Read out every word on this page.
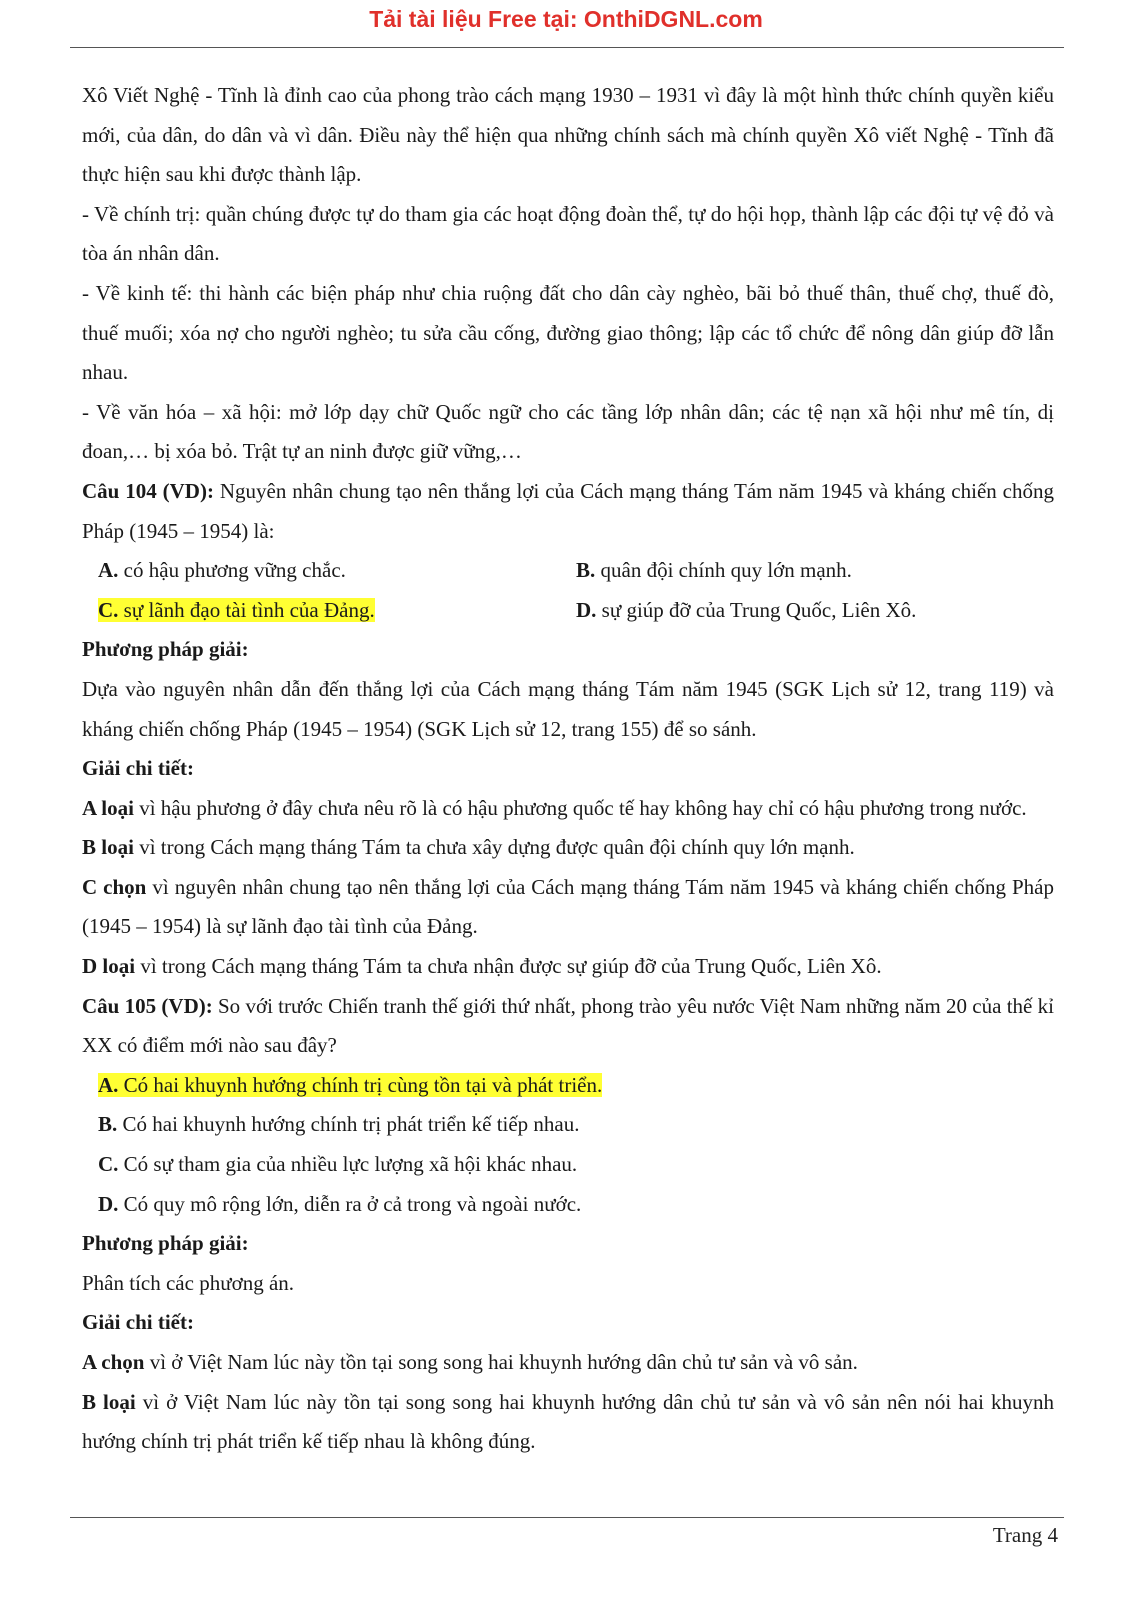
Tải tài liệu Free tại: OnthiDGNL.com

Xô Viết Nghệ - Tĩnh là đỉnh cao của phong trào cách mạng 1930 – 1931 vì đây là một hình thức chính quyền kiểu mới, của dân, do dân và vì dân. Điều này thể hiện qua những chính sách mà chính quyền Xô viết Nghệ - Tĩnh đã thực hiện sau khi được thành lập.

- Về chính trị: quần chúng được tự do tham gia các hoạt động đoàn thể, tự do hội họp, thành lập các đội tự vệ đỏ và tòa án nhân dân.

- Về kinh tế: thi hành các biện pháp như chia ruộng đất cho dân cày nghèo, bãi bỏ thuế thân, thuế chợ, thuế đò, thuế muối; xóa nợ cho người nghèo; tu sửa cầu cống, đường giao thông; lập các tổ chức để nông dân giúp đỡ lẫn nhau.

- Về văn hóa – xã hội: mở lớp dạy chữ Quốc ngữ cho các tầng lớp nhân dân; các tệ nạn xã hội như mê tín, dị đoan,… bị xóa bỏ. Trật tự an ninh được giữ vững,…

Câu 104 (VD): Nguyên nhân chung tạo nên thắng lợi của Cách mạng tháng Tám năm 1945 và kháng chiến chống Pháp (1945 – 1954) là:

A. có hậu phương vững chắc.	B. quân đội chính quy lớn mạnh.
C. sự lãnh đạo tài tình của Đảng.	D. sự giúp đỡ của Trung Quốc, Liên Xô.

Phương pháp giải:

Dựa vào nguyên nhân dẫn đến thắng lợi của Cách mạng tháng Tám năm 1945 (SGK Lịch sử 12, trang 119) và kháng chiến chống Pháp (1945 – 1954) (SGK Lịch sử 12, trang 155) để so sánh.

Giải chi tiết:

A loại vì hậu phương ở đây chưa nêu rõ là có hậu phương quốc tế hay không hay chỉ có hậu phương trong nước.

B loại vì trong Cách mạng tháng Tám ta chưa xây dựng được quân đội chính quy lớn mạnh.

C chọn vì nguyên nhân chung tạo nên thắng lợi của Cách mạng tháng Tám năm 1945 và kháng chiến chống Pháp (1945 – 1954) là sự lãnh đạo tài tình của Đảng.

D loại vì trong Cách mạng tháng Tám ta chưa nhận được sự giúp đỡ của Trung Quốc, Liên Xô.

Câu 105 (VD): So với trước Chiến tranh thế giới thứ nhất, phong trào yêu nước Việt Nam những năm 20 của thế kỉ XX có điểm mới nào sau đây?

A. Có hai khuynh hướng chính trị cùng tồn tại và phát triển.
B. Có hai khuynh hướng chính trị phát triển kế tiếp nhau.
C. Có sự tham gia của nhiều lực lượng xã hội khác nhau.
D. Có quy mô rộng lớn, diễn ra ở cả trong và ngoài nước.

Phương pháp giải:

Phân tích các phương án.

Giải chi tiết:

A chọn vì ở Việt Nam lúc này tồn tại song song hai khuynh hướng dân chủ tư sản và vô sản.

B loại vì ở Việt Nam lúc này tồn tại song song hai khuynh hướng dân chủ tư sản và vô sản nên nói hai khuynh hướng chính trị phát triển kế tiếp nhau là không đúng.

Trang 4
